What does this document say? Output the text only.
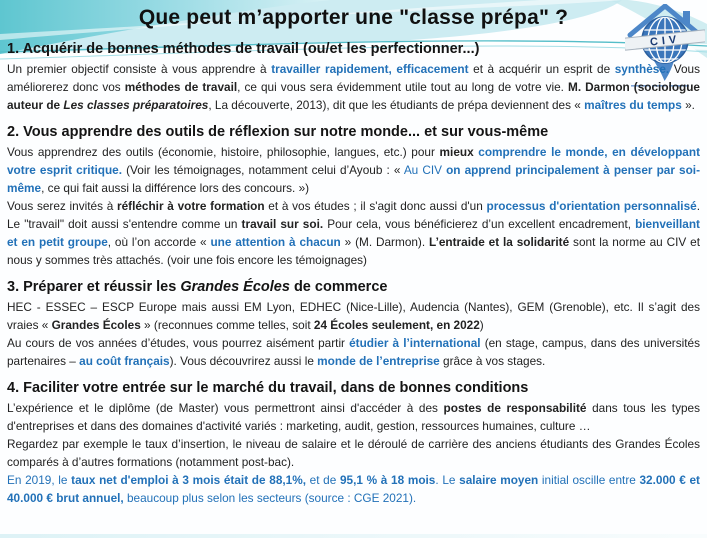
CIV
Que peut m’apporter une "classe prépa" ?
1. Acquérir de bonnes méthodes de travail (ou/et les perfectionner...)

Un premier objectif consiste à vous apprendre à travailler rapidement, efficacement et à acquérir un esprit de synthèse. Vous améliorerez donc vos méthodes de travail, ce qui vous sera évidemment utile tout au long de votre vie. M. Darmon (sociologue auteur de Les classes préparatoires, La découverte, 2013), dit que les étudiants de prépa deviennent des « maîtres du temps ».

2. Vous apprendre des outils de réflexion sur notre monde... et sur vous-même

Vous apprendrez des outils (économie, histoire, philosophie, langues, etc.) pour mieux comprendre le monde, en développant votre esprit critique. (Voir les témoignages, notamment celui d’Ayoub : « Au CIV on apprend principalement à penser par soi-même, ce qui fait aussi la différence lors des concours. »)

Vous serez invités à réfléchir à votre formation et à vos études ; il s'agit donc aussi d'un processus d'orientation personnalisé. Le "travail" doit aussi s'entendre comme un travail sur soi. Pour cela, vous bénéficierez d’un excellent encadrement, bienveillant et en petit groupe, où l’on accorde « une attention à chacun » (M. Darmon). L’entraide et la solidarité sont la norme au CIV et nous y sommes très attachés. (voir une fois encore les témoignages)

3. Préparer et réussir les Grandes Écoles de commerce

HEC - ESSEC – ESCP Europe mais aussi EM Lyon, EDHEC (Nice-Lille), Audencia (Nantes), GEM (Grenoble), etc. Il s’agit des vraies « Grandes Écoles » (reconnues comme telles, soit 24 Écoles seulement, en 2022)

Au cours de vos années d’études, vous pourrez aisément partir étudier à l’international (en stage, campus, dans des universités partenaires – au coût français). Vous découvrirez aussi le monde de l’entreprise grâce à vos stages.

4. Faciliter votre entrée sur le marché du travail, dans de bonnes conditions

L’expérience et le diplôme (de Master) vous permettront ainsi d'accéder à des postes de responsabilité dans tous les types d'entreprises et dans des domaines d'activité variés : marketing, audit, gestion, ressources humaines, culture …

Regardez par exemple le taux d’insertion, le niveau de salaire et le déroulé de carrière des anciens étudiants des Grandes Écoles comparés à d’autres formations (notamment post-bac).

En 2019, le taux net d'emploi à 3 mois était de 88,1%, et de 95,1 % à 18 mois. Le salaire moyen initial oscille entre 32.000 € et 40.000 € brut annuel, beaucoup plus selon les secteurs (source : CGE 2021).
